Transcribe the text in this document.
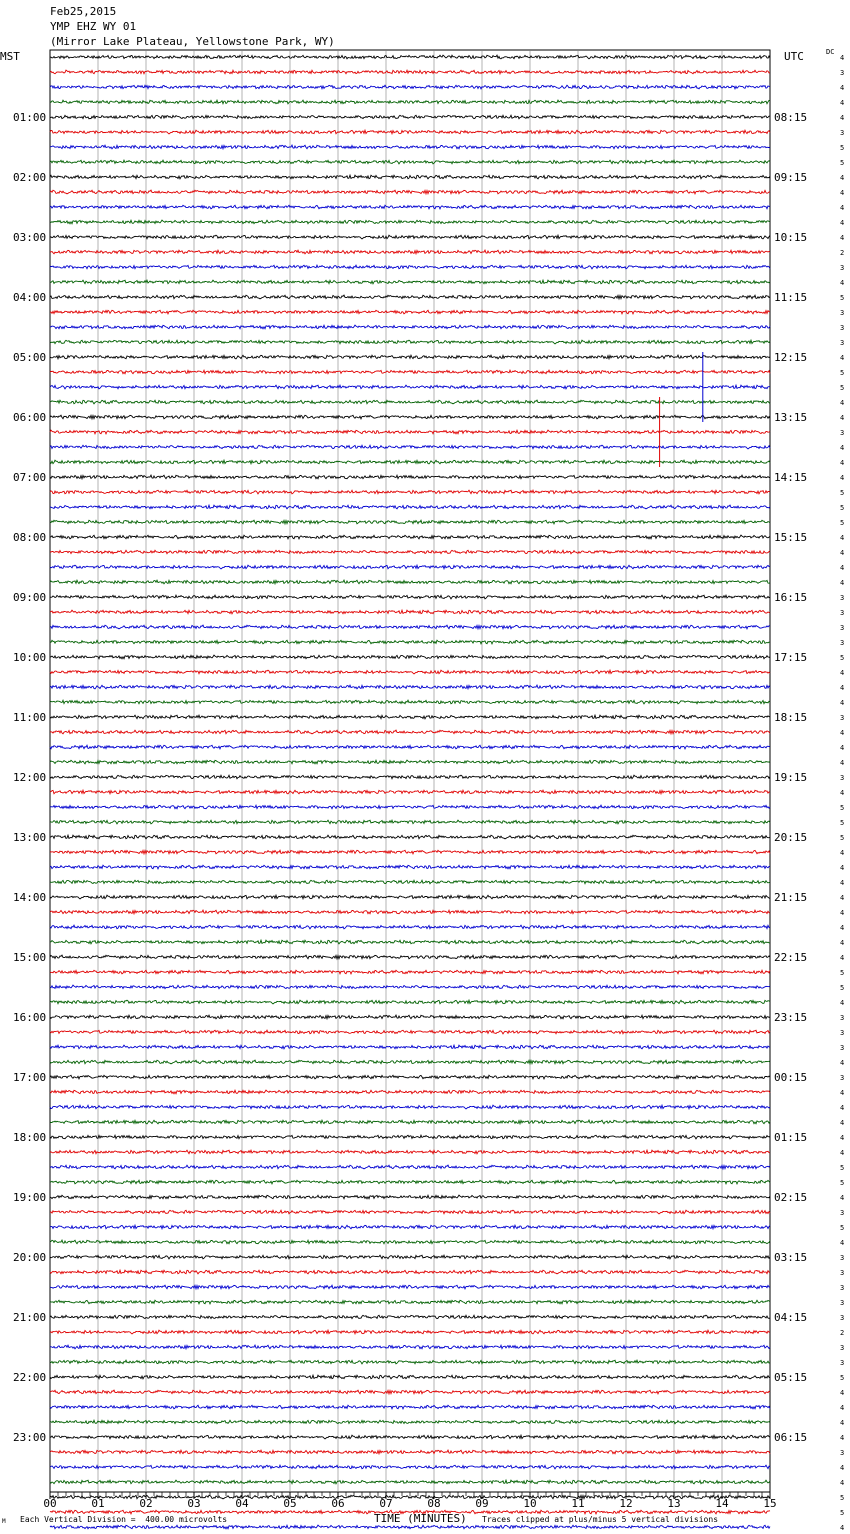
Feb25,2015
YMP EHZ WY 01
(Mirror Lake Plateau, Yellowstone Park, WY)
MST	UTC	DC
01:00	08:15
02:00	09:15
03:00	10:15
04:00	11:15
05:00	12:15
06:00	13:15
07:00	14:15
08:00	15:15
09:00	16:15
10:00	17:15
11:00	18:15
12:00	19:15
13:00	20:15
14:00	21:15
15:00	22:15
16:00	23:15
17:00	00:15
18:00	01:15
19:00	02:15
20:00	03:15
21:00	04:15
22:00	05:15
23:00	06:15
4
3
4
4
4
3
5
5
4
4
4
4
4
2
3
4
5
3
3
3
4
5
5
4
4
3
4
4
4
5
5
5
4
4
4
4
3
3
3
3
5
4
4
4
3
4
4
4
3
4
5
5
5
4
4
4
4
4
4
4
4
5
5
4
3
3
3
4
3
4
4
4
4
4
5
5
4
3
5
4
3
3
3
3
3
2
3
3
5
4
4
4
4
3
4
4
5
5
4
00	01	02	03	04	05	06	07	08	09	10	11	12	13	14	15
M Each Vertical Division =  400.00 microvolts	TIME (MINUTES) Traces clipped at plus/minus 5 vertical divisions
